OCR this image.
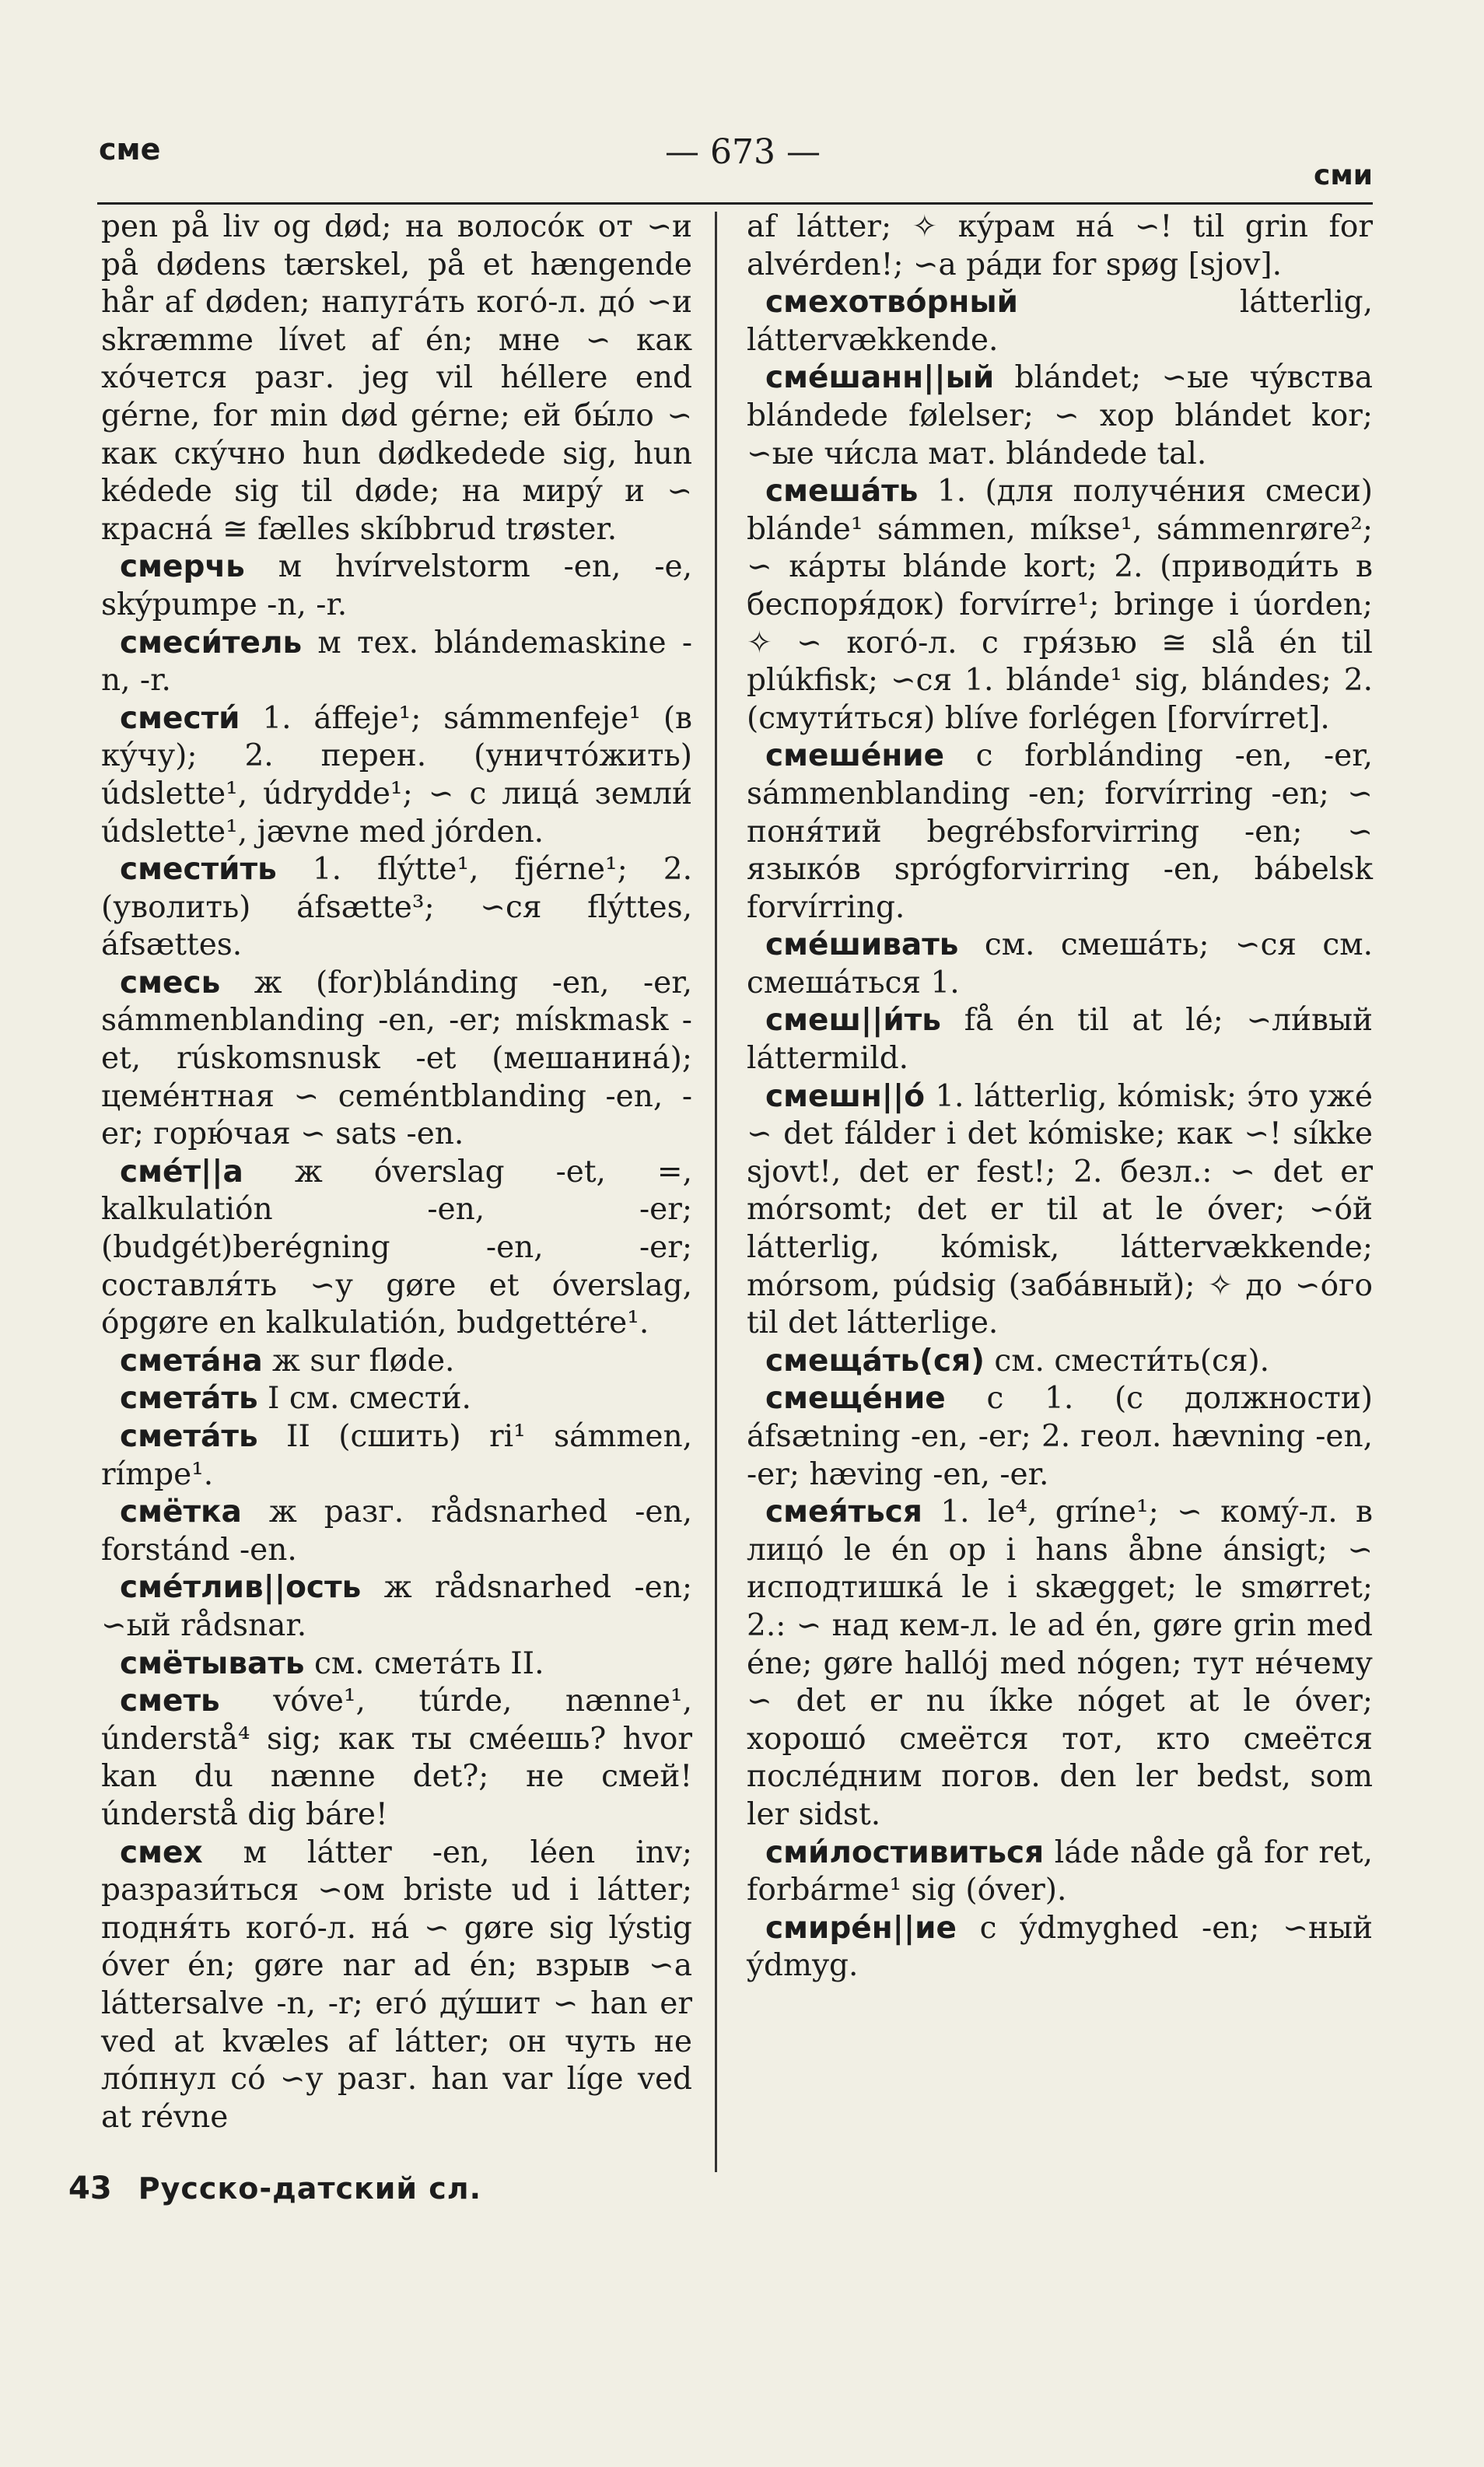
сме	— 673 —
сми

pen på liv og død; на волосóк от ∽и på dødens tærskel, på et hængende hår af døden; напугáть когó-л. дó ∽и skræmme lívet af én; мне ∽ как хóчется разг. jeg vil héllere end gérne, for min død gérne; ей бы́ло ∽ как скýчно hun dødkedede sig, hun kédede sig til døde; на мирý и ∽ краснá ≅ fælles skíbbrud trøster.

смерчь м hvírvelstorm -en, -e, skýpumpe -n, -r.

смеси́тель м тех. blándemaskine -n, -r.

смести́ 1. áffeje¹; sámmenfeje¹ (в кýчу); 2. перен. (уничтóжить) údslette¹, údrydde¹; ∽ с лицá земли́ údslette¹, jævne med jórden.

смести́ть 1. flýtte¹, fjérne¹; 2. (уволить) áfsætte³; ∽ся flýttes, áfsættes.

смесь ж (for)blánding -en, -er, sámmenblanding -en, -er; mískmask -et, rúskomsnusk -et (мешанинá); цемéнтная ∽ ceméntblanding -en, -er; горю́чая ∽ sats -en.

смéт||а ж óverslag -et, =, kalkulatión -en, -er; (budgét)berégning -en, -er; составля́ть ∽у gøre et óverslag, ópgøre en kalkulatión, budgettére¹.

сметáна ж sur fløde.

сметáть I см. смести́.

сметáть II (сшить) ri¹ sámmen, rímpe¹.

смётка ж разг. rådsnarhed -en, forstánd -en.

смéтлив||ость ж rådsnarhed -en; ∽ый rådsnar.

смётывать см. сметáть II.

сметь vóve¹, túrde, nænne¹, únderstå⁴ sig; как ты смéешь? hvor kan du nænne det?; не смей! únderstå dig báre!

смех м látter -en, léen inv; разрази́ться ∽ом briste ud i látter; подня́ть когó-л. нá ∽ gøre sig lýstig óver én; gøre nar ad én; взрыв ∽а láttersalve -n, -r; егó дýшит ∽ han er ved at kvæles af látter; он чуть не лóпнул сó ∽у разг. han var líge ved at révne

af látter; ✧ кýрам нá ∽! til grin for alvérden!; ∽а рáди for spøg [sjov].

смехотвóрный	látterlig, láttervækkende.

смéшанн||ый blándet; ∽ые чýвства blándede følelser; ∽ хор blándet kor; ∽ые чи́сла мат. blándede tal.

смешáть 1. (для получéния смеси) blánde¹ sámmen, míkse¹, sámmenrøre²; ∽ кáрты blánde kort; 2. (приводи́ть в беспоря́док) forvírre¹; bringe i úorden; ✧ ∽ когó-л. с гря́зью ≅ slå én til plúkfisk; ∽ся 1. blánde¹ sig, blándes; 2. (смути́ться) blíve forlégen [forvírret].

смешéние с forblánding -en, -er, sámmenblanding -en; forvírring -en; ∽ поня́тий begrébsforvirring -en; ∽ языкóв sprógforvirring -en, bábelsk forvírring.

смéшивать см. смешáть; ∽ся см. смешáться 1.

смеш||и́ть få én til at lé; ∽ли́вый láttermild.

смешн||ó 1. látterlig, kómisk; э́то ужé ∽ det fálder i det kómiske; как ∽! síkke sjovt!, det er fest!; 2. безл.: ∽ det er mórsomt; det er til at le óver; ∽óй látterlig, kómisk, láttervækkende; mórsom, púdsig (забáвный); ✧ до ∽óго til det látterlige.

смещáть(ся) см. смести́ть(ся).

смещéние с 1. (с должности) áfsætning -en, -er; 2. геол. hævning -en, -er; hæving -en, -er.

смея́ться 1. le⁴, gríne¹; ∽ комý-л. в лицó le én op i hans åbne ánsigt; ∽ исподтишкá le i skægget; le smørret; 2.: ∽ над кем-л. le ad én, gøre grin med éne; gøre hallój med nógen; тут нéчему ∽ det er nu íkke nóget at le óver; хорошó смеётся тот, кто смеётся послéдним погов. den ler bedst, som ler sidst.

сми́лостивиться láde nåde gå for ret, forbárme¹ sig (óver).

смирéн||ие с ýdmyghed -en; ∽ный ýdmyg.

43 Русско-датский сл.
